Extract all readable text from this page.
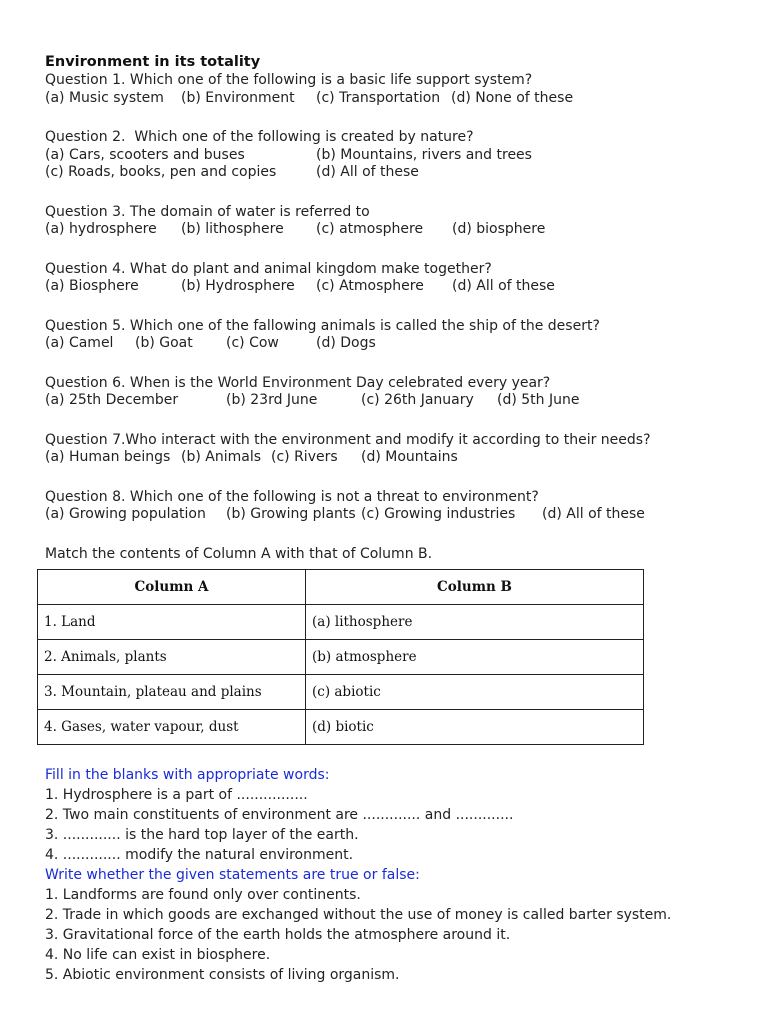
Environment in its totality
Question 1. Which one of the following is a basic life support system?
(a) Music system (b) Environment (c) Transportation (d) None of these
Question 2.  Which one of the following is created by nature?
(a) Cars, scooters and buses	(b) Mountains, rivers and trees
(c) Roads, books, pen and copies	(d) All of these
Question 3. The domain of water is referred to
(a) hydrosphere (b) lithosphere (c) atmosphere (d) biosphere
Question 4. What do plant and animal kingdom make together?
(a) Biosphere	(b) Hydrosphere (c) Atmosphere (d) All of these
Question 5. Which one of the fallowing animals is called the ship of the desert?
(a) Camel (b) Goat (c) Cow	(d) Dogs
Question 6. When is the World Environment Day celebrated every year?
(a) 25th December	(b) 23rd June	(c) 26th January (d) 5th June
Question 7.Who interact with the environment and modify it according to their needs?
(a) Human beings (b) Animals (c) Rivers (d) Mountains
Question 8. Which one of the following is not a threat to environment?
(a) Growing population (b) Growing plants (c) Growing industries (d) All of these
Match the contents of Column A with that of Column B.
Column A	Column B
1. Land	(a) lithosphere
2. Animals, plants	(b) atmosphere
3. Mountain, plateau and plains	(c) abiotic
4. Gases, water vapour, dust	(d) biotic
Fill in the blanks with appropriate words:
1. Hydrosphere is a part of ................
2. Two main constituents of environment are ............. and .............
3. ............. is the hard top layer of the earth.
4. ............. modify the natural environment.
Write whether the given statements are true or false:
1. Landforms are found only over continents.
2. Trade in which goods are exchanged without the use of money is called barter system.
3. Gravitational force of the earth holds the atmosphere around it.
4. No life can exist in biosphere.
5. Abiotic environment consists of living organism.
